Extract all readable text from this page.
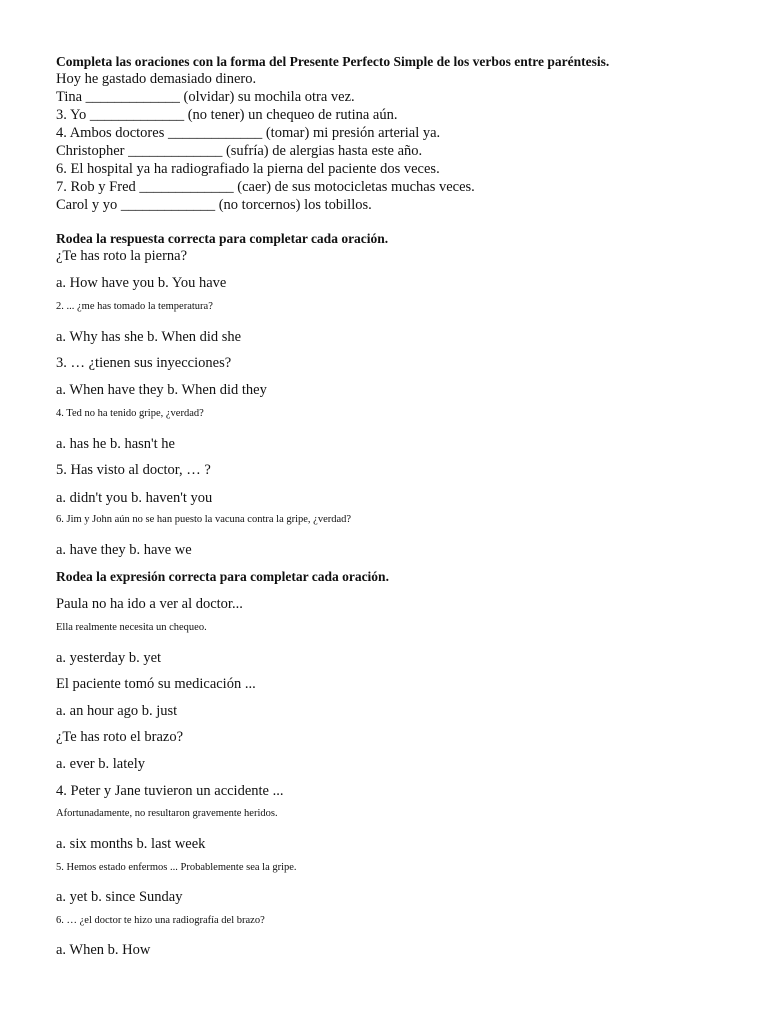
Completa las oraciones con la forma del Presente Perfecto Simple de los verbos entre paréntesis.
Hoy he gastado demasiado dinero.
Tina _____________ (olvidar) su mochila otra vez.
3. Yo _____________ (no tener) un chequeo de rutina aún.
4. Ambos doctores _____________ (tomar) mi presión arterial ya.
Christopher _____________ (sufría) de alergias hasta este año.
6. El hospital ya ha radiografiado la pierna del paciente dos veces.
7. Rob y Fred _____________ (caer) de sus motocicletas muchas veces.
Carol y yo _____________ (no torcernos) los tobillos.
Rodea la respuesta correcta para completar cada oración.
¿Te has roto la pierna?
a. How have you b. You have
2. ... ¿me has tomado la temperatura?
a. Why has she b. When did she
3. … ¿tienen sus inyecciones?
a. When have they b. When did they
4. Ted no ha tenido gripe, ¿verdad?
a. has he b. hasn't he
5. Has visto al doctor, … ?
a. didn't you b. haven't you
6. Jim y John aún no se han puesto la vacuna contra la gripe, ¿verdad?
a. have they b. have we
Rodea la expresión correcta para completar cada oración.
Paula no ha ido a ver al doctor...
Ella realmente necesita un chequeo.
a. yesterday b. yet
El paciente tomó su medicación ...
a. an hour ago b. just
¿Te has roto el brazo?
a. ever b. lately
4. Peter y Jane tuvieron un accidente ...
Afortunadamente, no resultaron gravemente heridos.
a. six months b. last week
5. Hemos estado enfermos ... Probablemente sea la gripe.
a. yet b. since Sunday
6. … ¿el doctor te hizo una radiografía del brazo?
a. When b. How
